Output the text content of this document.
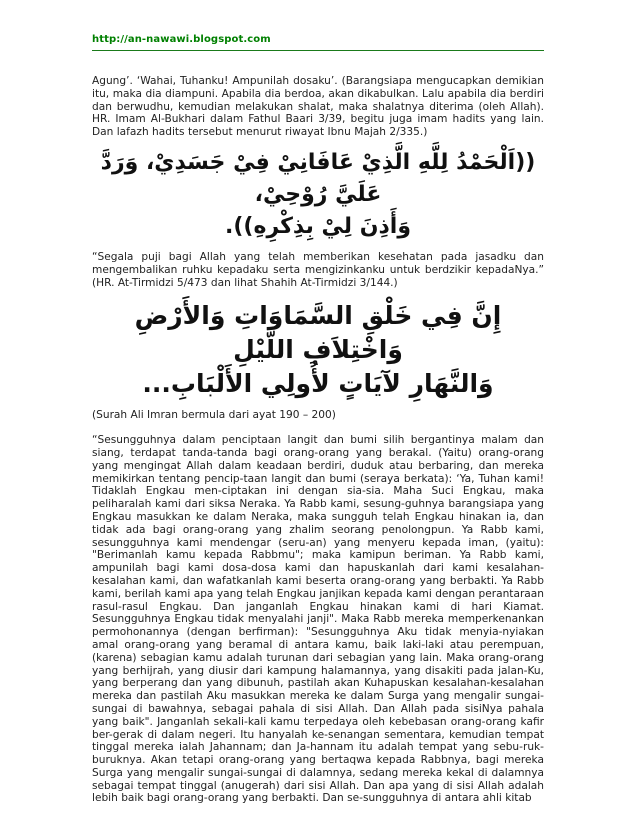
http://an-nawawi.blogspot.com

Agung’. ‘Wahai, Tuhanku! Ampunilah dosaku’. (Barangsiapa mengucapkan demikian itu, maka dia diampuni. Apabila dia berdoa, akan dikabulkan. Lalu apabila dia berdiri dan berwudhu, kemudian melakukan shalat, maka shalatnya diterima (oleh Allah). HR. Imam Al-Bukhari dalam Fathul Baari 3/39, begitu juga imam hadits yang lain. Dan lafazh hadits tersebut menurut riwayat Ibnu Majah 2/335.)

((اَلْحَمْدُ لِلَّهِ الَّذِيْ عَافَانِيْ فِيْ جَسَدِيْ، وَرَدَّ عَلَيَّ رُوْحِيْ،

وَأَذِنَ لِيْ بِذِكْرِهِ)).

“Segala puji bagi Allah yang telah memberikan kesehatan pada jasadku dan mengembalikan ruhku kepadaku serta mengizinkanku untuk berdzikir kepadaNya.” (HR. At-Tirmidzi 5/473 dan lihat Shahih At-Tirmidzi 3/144.)

إِنَّ فِي خَلْقِ السَّمَاوَاتِ وَالأَرْضِ وَاخْتِلاَفِ اللَّيْلِ

وَالنَّهَارِ لآيَاتٍ لأُولِي الأَلْبَابِ...

(Surah Ali Imran bermula dari ayat 190 – 200)

“Sesungguhnya dalam penciptaan langit dan bumi silih bergantinya malam dan siang, terdapat tanda-tanda bagi orang-orang yang berakal. (Yaitu) orang-orang yang mengingat Allah dalam keadaan berdiri, duduk atau berbaring, dan mereka memikirkan tentang pencip-taan langit dan bumi (seraya berkata): ‘Ya, Tuhan kami! Tidaklah Engkau men-ciptakan ini dengan sia-sia. Maha Suci Engkau, maka peliharalah kami dari siksa Neraka. Ya Rabb kami, sesung-guhnya barangsiapa yang Engkau masukkan ke dalam Neraka, maka sungguh telah Engkau hinakan ia, dan tidak ada bagi orang-orang yang zhalim seorang penolongpun. Ya Rabb kami, sesungguhnya kami mendengar (seru-an) yang menyeru kepada iman, (yaitu): "Berimanlah kamu kepada Rabbmu"; maka kamipun beriman. Ya Rabb kami, ampunilah bagi kami dosa-dosa kami dan hapuskanlah dari kami kesalahan-kesalahan kami, dan wafatkanlah kami beserta orang-orang yang berbakti. Ya Rabb kami, berilah kami apa yang telah Engkau janjikan kepada kami dengan perantaraan rasul-rasul Engkau. Dan janganlah Engkau hinakan kami di hari Kiamat. Sesungguhnya Engkau tidak menyalahi janji". Maka Rabb mereka memperkenankan permohonannya (dengan berfirman): "Sesungguhnya Aku tidak menyia-nyiakan amal orang-orang yang beramal di antara kamu, baik laki-laki atau perempuan, (karena) sebagian kamu adalah turunan dari sebagian yang lain. Maka orang-orang yang berhijrah, yang diusir dari kampung halamannya, yang disakiti pada jalan-Ku, yang berperang dan yang dibunuh, pastilah akan Kuhapuskan kesalahan-kesalahan mereka dan pastilah Aku masukkan mereka ke dalam Surga yang mengalir sungai-sungai di bawahnya, sebagai pahala di sisi Allah. Dan Allah pada sisiNya pahala yang baik". Janganlah sekali-kali kamu terpedaya oleh kebebasan orang-orang kafir ber-gerak di dalam negeri. Itu hanyalah ke-senangan sementara, kemudian tempat tinggal mereka ialah Jahannam; dan Ja-hannam itu adalah tempat yang sebu-ruk-buruknya. Akan tetapi orang-orang yang bertaqwa kepada Rabbnya, bagi mereka Surga yang mengalir sungai-sungai di dalamnya, sedang mereka kekal di dalamnya sebagai tempat tinggal (anugerah) dari sisi Allah. Dan apa yang di sisi Allah adalah lebih baik bagi orang-orang yang berbakti. Dan se-sungguhnya di antara ahli kitab
